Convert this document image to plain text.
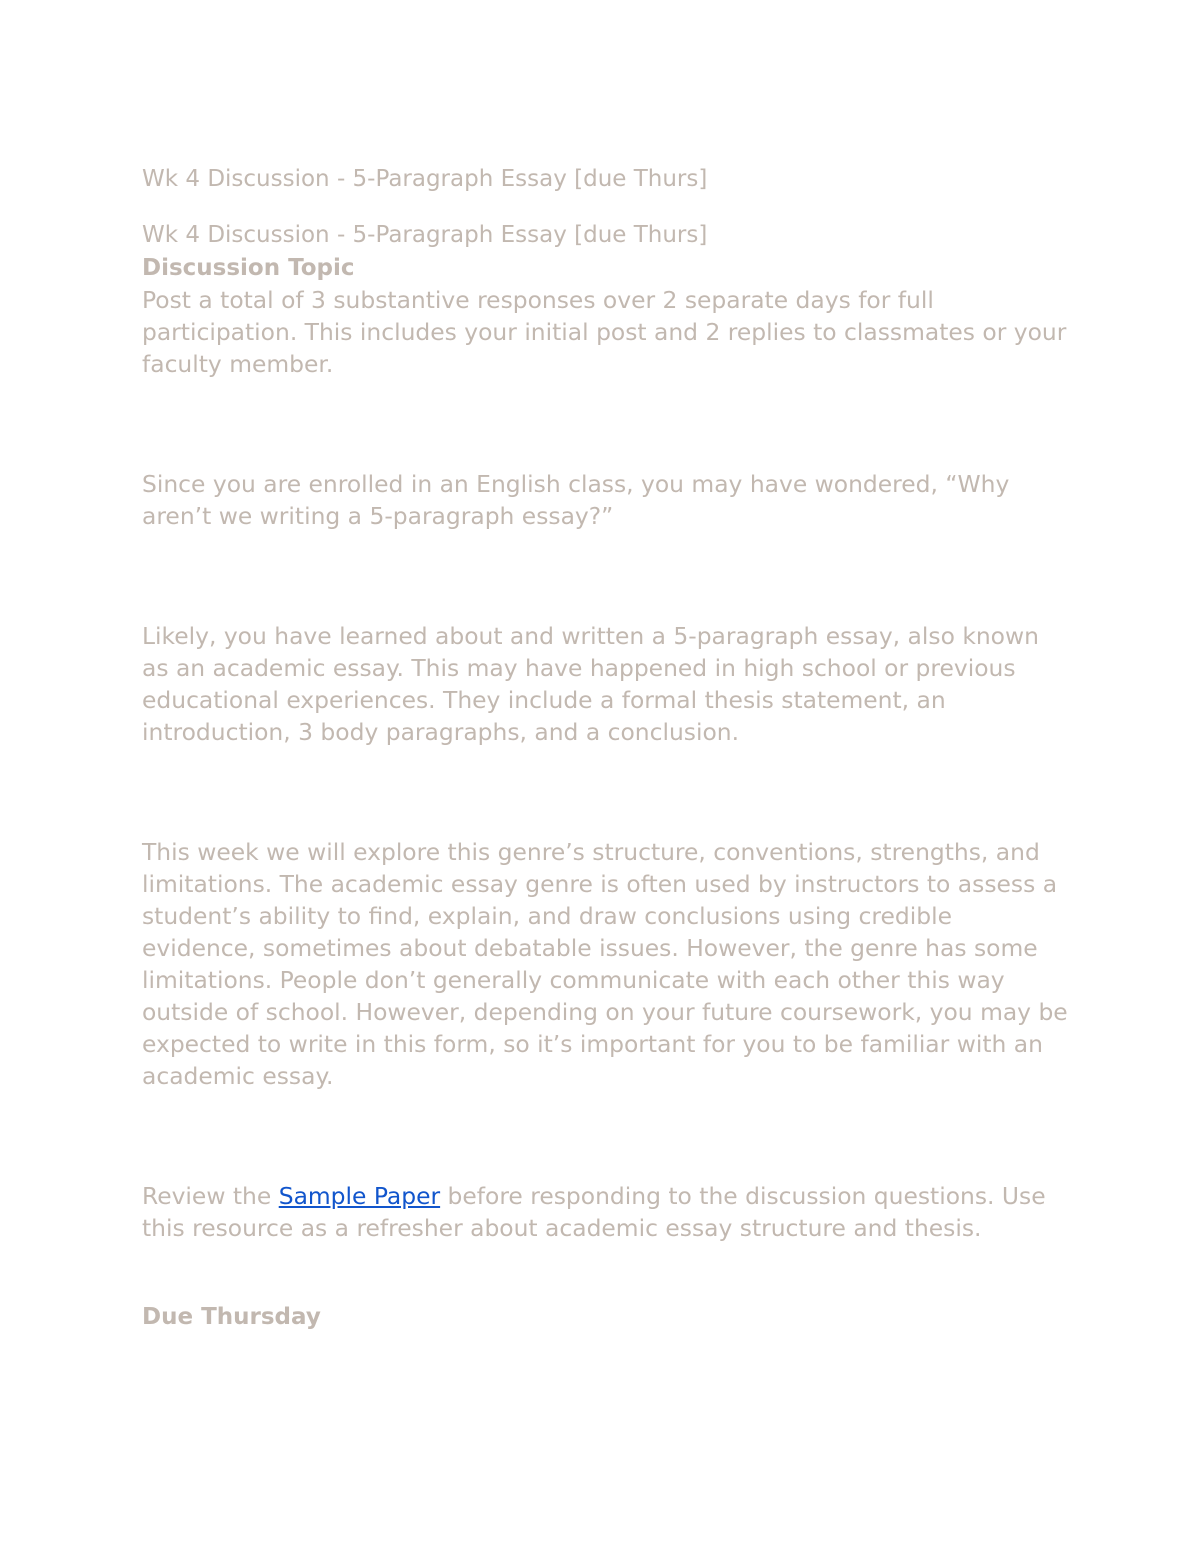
Wk 4 Discussion - 5-Paragraph Essay [due Thurs]

Wk 4 Discussion - 5-Paragraph Essay [due Thurs]

Discussion Topic

Post a total of 3 substantive responses over 2 separate days for full participation. This includes your initial post and 2 replies to classmates or your faculty member.

Since you are enrolled in an English class, you may have wondered, “Why aren’t we writing a 5-paragraph essay?”

Likely, you have learned about and written a 5-paragraph essay, also known as an academic essay. This may have happened in high school or previous educational experiences. They include a formal thesis statement, an introduction, 3 body paragraphs, and a conclusion.

This week we will explore this genre’s structure, conventions, strengths, and limitations. The academic essay genre is often used by instructors to assess a student’s ability to find, explain, and draw conclusions using credible evidence, sometimes about debatable issues. However, the genre has some limitations. People don’t generally communicate with each other this way outside of school. However, depending on your future coursework, you may be expected to write in this form, so it’s important for you to be familiar with an academic essay.

Review the Sample Paper before responding to the discussion questions. Use this resource as a refresher about academic essay structure and thesis.

Due Thursday
